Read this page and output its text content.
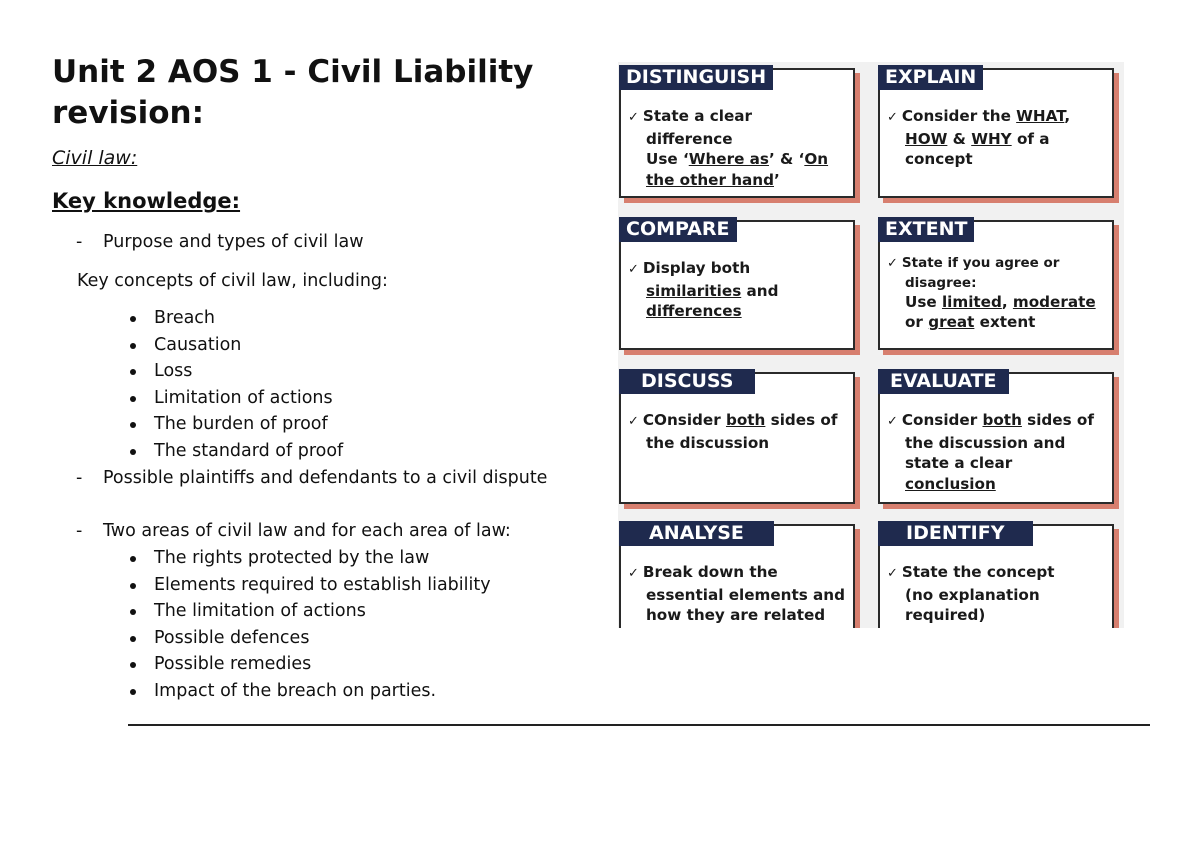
Unit 2 AOS 1 - Civil Liability revision:
Civil law:
Key knowledge:
- Purpose and types of civil law
Key concepts of civil law, including:
Breach
Causation
Loss
Limitation of actions
The burden of proof
The standard of proof
- Possible plaintiffs and defendants to a civil dispute
- Two areas of civil law and for each area of law:
The rights protected by the law
Elements required to establish liability
The limitation of actions
Possible defences
Possible remedies
Impact of the breach on parties.
DISTINGUISH
✓ State a clear
difference
Use ‘Where as’ & ‘On
the other hand’
EXPLAIN
✓ Consider the WHAT,
HOW & WHY of a
concept
COMPARE
✓ Display both
similarities and
differences
EXTENT
✓ State if you agree or
disagree:
Use limited, moderate
or great extent
DISCUSS
✓ COnsider both sides of
the discussion
EVALUATE
✓ Consider both sides of
the discussion and
state a clear
conclusion
ANALYSE
✓ Break down the
essential elements and
how they are related
IDENTIFY
✓ State the concept
(no explanation
required)
